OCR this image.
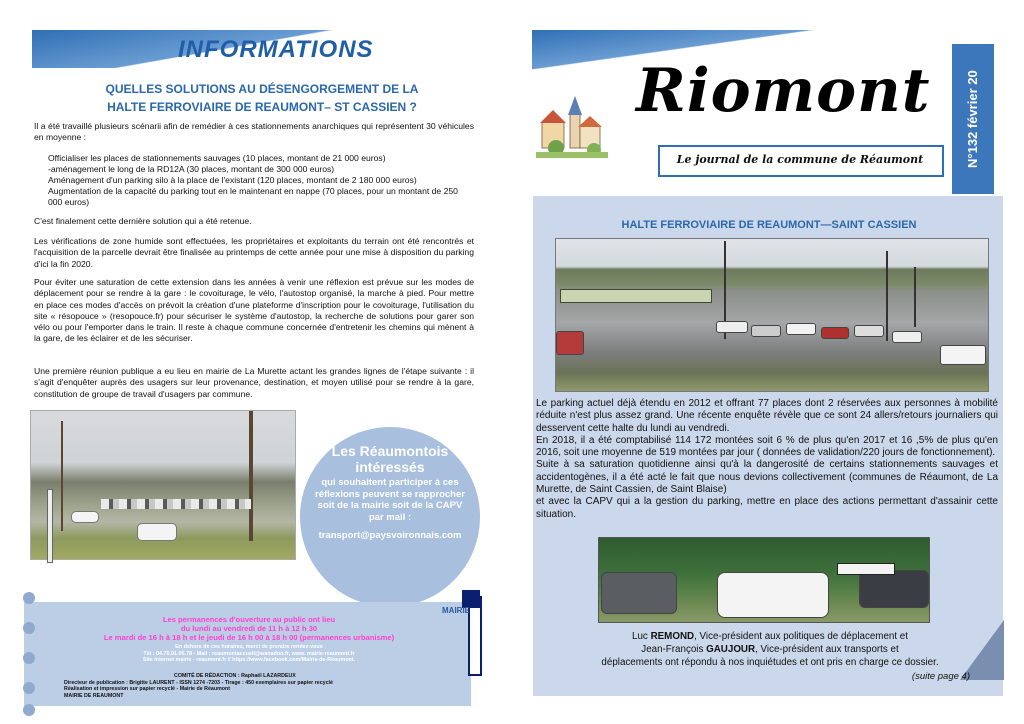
INFORMATIONS
QUELLES SOLUTIONS AU DÉSENGORGEMENT DE LA
HALTE FERROVIAIRE DE REAUMONT– ST CASSIEN ?
Il a été travaillé plusieurs scénarii afin de remédier à ces stationnements anarchiques qui représentent 30 véhicules en moyenne :
Officialiser les places de stationnements sauvages (10 places, montant de 21 000 euros)
-aménagement le long de la RD12A (30 places, montant de 300 000 euros)
Aménagement d'un parking silo à la place de l'existant (120 places, montant de 2 180 000 euros)
Augmentation de la capacité du parking tout en le maintenant en nappe (70 places, pour un montant de 250 000 euros)
C'est finalement cette dernière solution qui a été retenue.
Les vérifications de zone humide sont effectuées, les propriétaires et exploitants du terrain ont été rencontrés et l'acquisition de la parcelle devrait être finalisée au printemps de cette année pour une mise à disposition du parking d'ici la fin 2020.
Pour éviter une saturation de cette extension dans les années à venir une réflexion est prévue sur les modes de déplacement pour se rendre à la gare : le covoiturage, le vélo, l'autostop organisé, la marche à pied. Pour mettre en place ces modes d'accès on prévoit la création d'une plateforme d'inscription pour le covoiturage, l'utilisation du site « résopouce » (resopouce.fr) pour sécuriser le système d'autostop, la recherche de solutions pour garer son vélo ou pour l'emporter dans le train. Il reste à chaque commune concernée d'entretenir les chemins qui mènent à la gare, de les éclairer et de les sécuriser.
Une première réunion publique a eu lieu en mairie de La Murette actant les grandes lignes de l'étape suivante : il s'agit d'enquêter auprès des usagers sur leur provenance, destination, et moyen utilisé pour se rendre à la gare, constitution de groupe de travail d'usagers par commune.
Les Réaumontois intéressés
qui souhaitent participer à ces réflexions peuvent se rapprocher soit de la mairie soit de la CAPV par mail :
transport@paysvoironnais.com
MAIRIE
Les permanences d'ouverture au public ont lieu
du lundi au vendredi de 11 h à 12 h 30
Le mardi de 16 h à 18 h et le jeudi de 16 h 00 à 18 h 00 (permanences urbanisme)
En dehors de ces horaires, merci de prendre rendez-vous
Tél : 04.76.91.05.78 - Mail : reaumontaccueil@wanadoo.fr, www. mairie-reaumont.fr
Site internet mairie - reaumont.fr // https://www.facebook.com/Mairie-de-Réaumont.
COMITÉ DE RÉDACTION : Raphaël LAZARDEUX
Directeur de publication : Brigitte LAURENT - ISSN 1274 -7203 - Tirage : 450 exemplaires sur papier recyclé
Réalisation et impression sur papier recyclé - Mairie de Réaumont
MAIRIE DE REAUMONT
Riomont
Le journal de la commune de Réaumont	N°132 février 20
HALTE FERROVIAIRE DE REAUMONT—SAINT CASSIEN
Le parking actuel déjà étendu en 2012 et offrant 77 places dont 2 réservées aux personnes à mobilité réduite n'est plus assez grand. Une récente enquête révèle que ce sont 24 allers/retours journaliers qui desservent cette halte du lundi au vendredi.
En 2018, il a été comptabilisé 114 172 montées soit 6 % de plus qu'en 2017 et 16 ,5% de plus qu'en 2016, soit une moyenne de 519 montées par jour ( données de validation/220 jours de fonctionnement).
Suite à sa saturation quotidienne ainsi qu'à la dangerosité de certains stationnements sauvages et accidentogènes, il a été acté le fait que nous devions collectivement (communes de Réaumont, de La Murette, de Saint Cassien, de Saint Blaise)
et avec la CAPV qui a la gestion du parking, mettre en place des actions permettant d'assainir cette situation.
Luc REMOND, Vice-président aux politiques de déplacement et
Jean-François GAUJOUR, Vice-président aux transports et
déplacements ont répondu à nos inquiétudes et ont pris en charge ce dossier.
(suite page 4)
